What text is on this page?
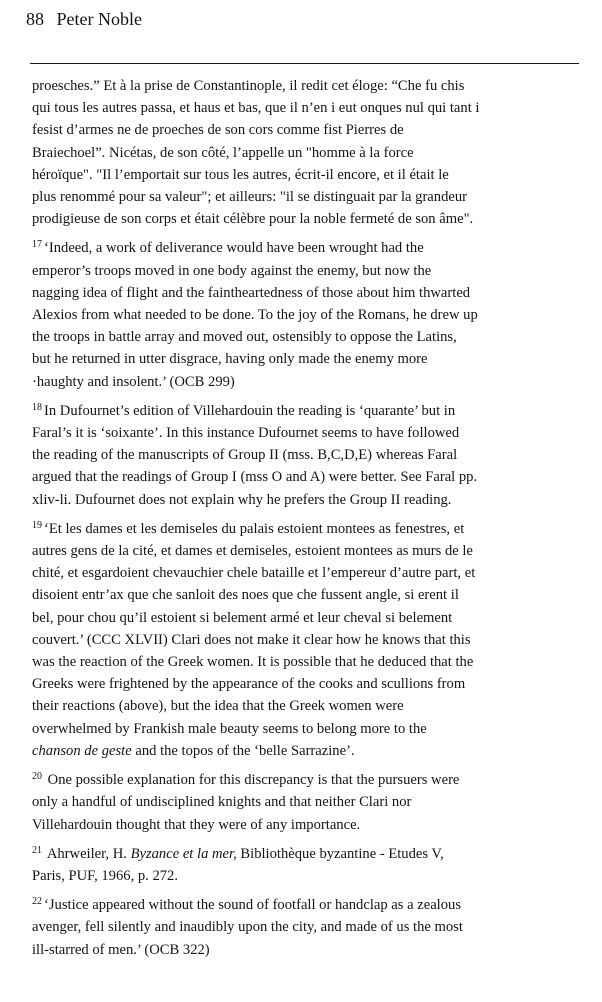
88 Peter Noble

proesches.” Et à la prise de Constantinople, il redit cet éloge: “Che fu chis
qui tous les autres passa, et haus et bas, que il n’en i eut onques nul qui tant i
fesist d’armes ne de proeches de son cors comme fist Pierres de
Braiechoel”. Nicétas, de son côté, l’appelle un "homme à la force
héroïque". "Il l’emportait sur tous les autres, écrit-il encore, et il était le
plus renommé pour sa valeur"; et ailleurs: "il se distinguait par la grandeur
prodigieuse de son corps et était célèbre pour la noble fermeté de son âme".

$^{17}$ ‘Indeed, a work of deliverance would have been wrought had the
emperor’s troops moved in one body against the enemy, but now the
nagging idea of flight and the faintheartedness of those about him thwarted
Alexios from what needed to be done. To the joy of the Romans, he drew up
the troops in battle array and moved out, ostensibly to oppose the Latins,
but he returned in utter disgrace, having only made the enemy more
·haughty and insolent.’ (OCB 299)

$^{18}$ In Dufournet’s edition of Villehardouin the reading is ‘quarante’ but in
Faral’s it is ‘soixante’. In this instance Dufournet seems to have followed
the reading of the manuscripts of Group II (mss. B,C,D,E) whereas Faral
argued that the readings of Group I (mss O and A) were better. See Faral pp.
xliv-li. Dufournet does not explain why he prefers the Group II reading.

$^{19}$ ‘Et les dames et les demiseles du palais estoient montees as fenestres, et
autres gens de la cité, et dames et demiseles, estoient montees as murs de le
chité, et esgardoient chevauchier chele bataille et l’empereur d’autre part, et
disoient entr’ax que che sanloit des noes que che fussent angle, si erent il
bel, pour chou qu’il estoient si belement armé et leur cheval si belement
couvert.’ (CCC XLVII) Clari does not make it clear how he knows that this
was the reaction of the Greek women. It is possible that he deduced that the
Greeks were frightened by the appearance of the cooks and scullions from
their reactions (above), but the idea that the Greek women were
overwhelmed by Frankish male beauty seems to belong more to the
chanson de geste and the topos of the ‘belle Sarrazine’.

$^{20}$ One possible explanation for this discrepancy is that the pursuers were
only a handful of undisciplined knights and that neither Clari nor
Villehardouin thought that they were of any importance.

$^{21}$ Ahrweiler, H. Byzance et la mer, Bibliothèque byzantine - Etudes V,
Paris, PUF, 1966, p. 272.

$^{22}$ ‘Justice appeared without the sound of footfall or handclap as a zealous
avenger, fell silently and inaudibly upon the city, and made of us the most
ill-starred of men.’ (OCB 322)
